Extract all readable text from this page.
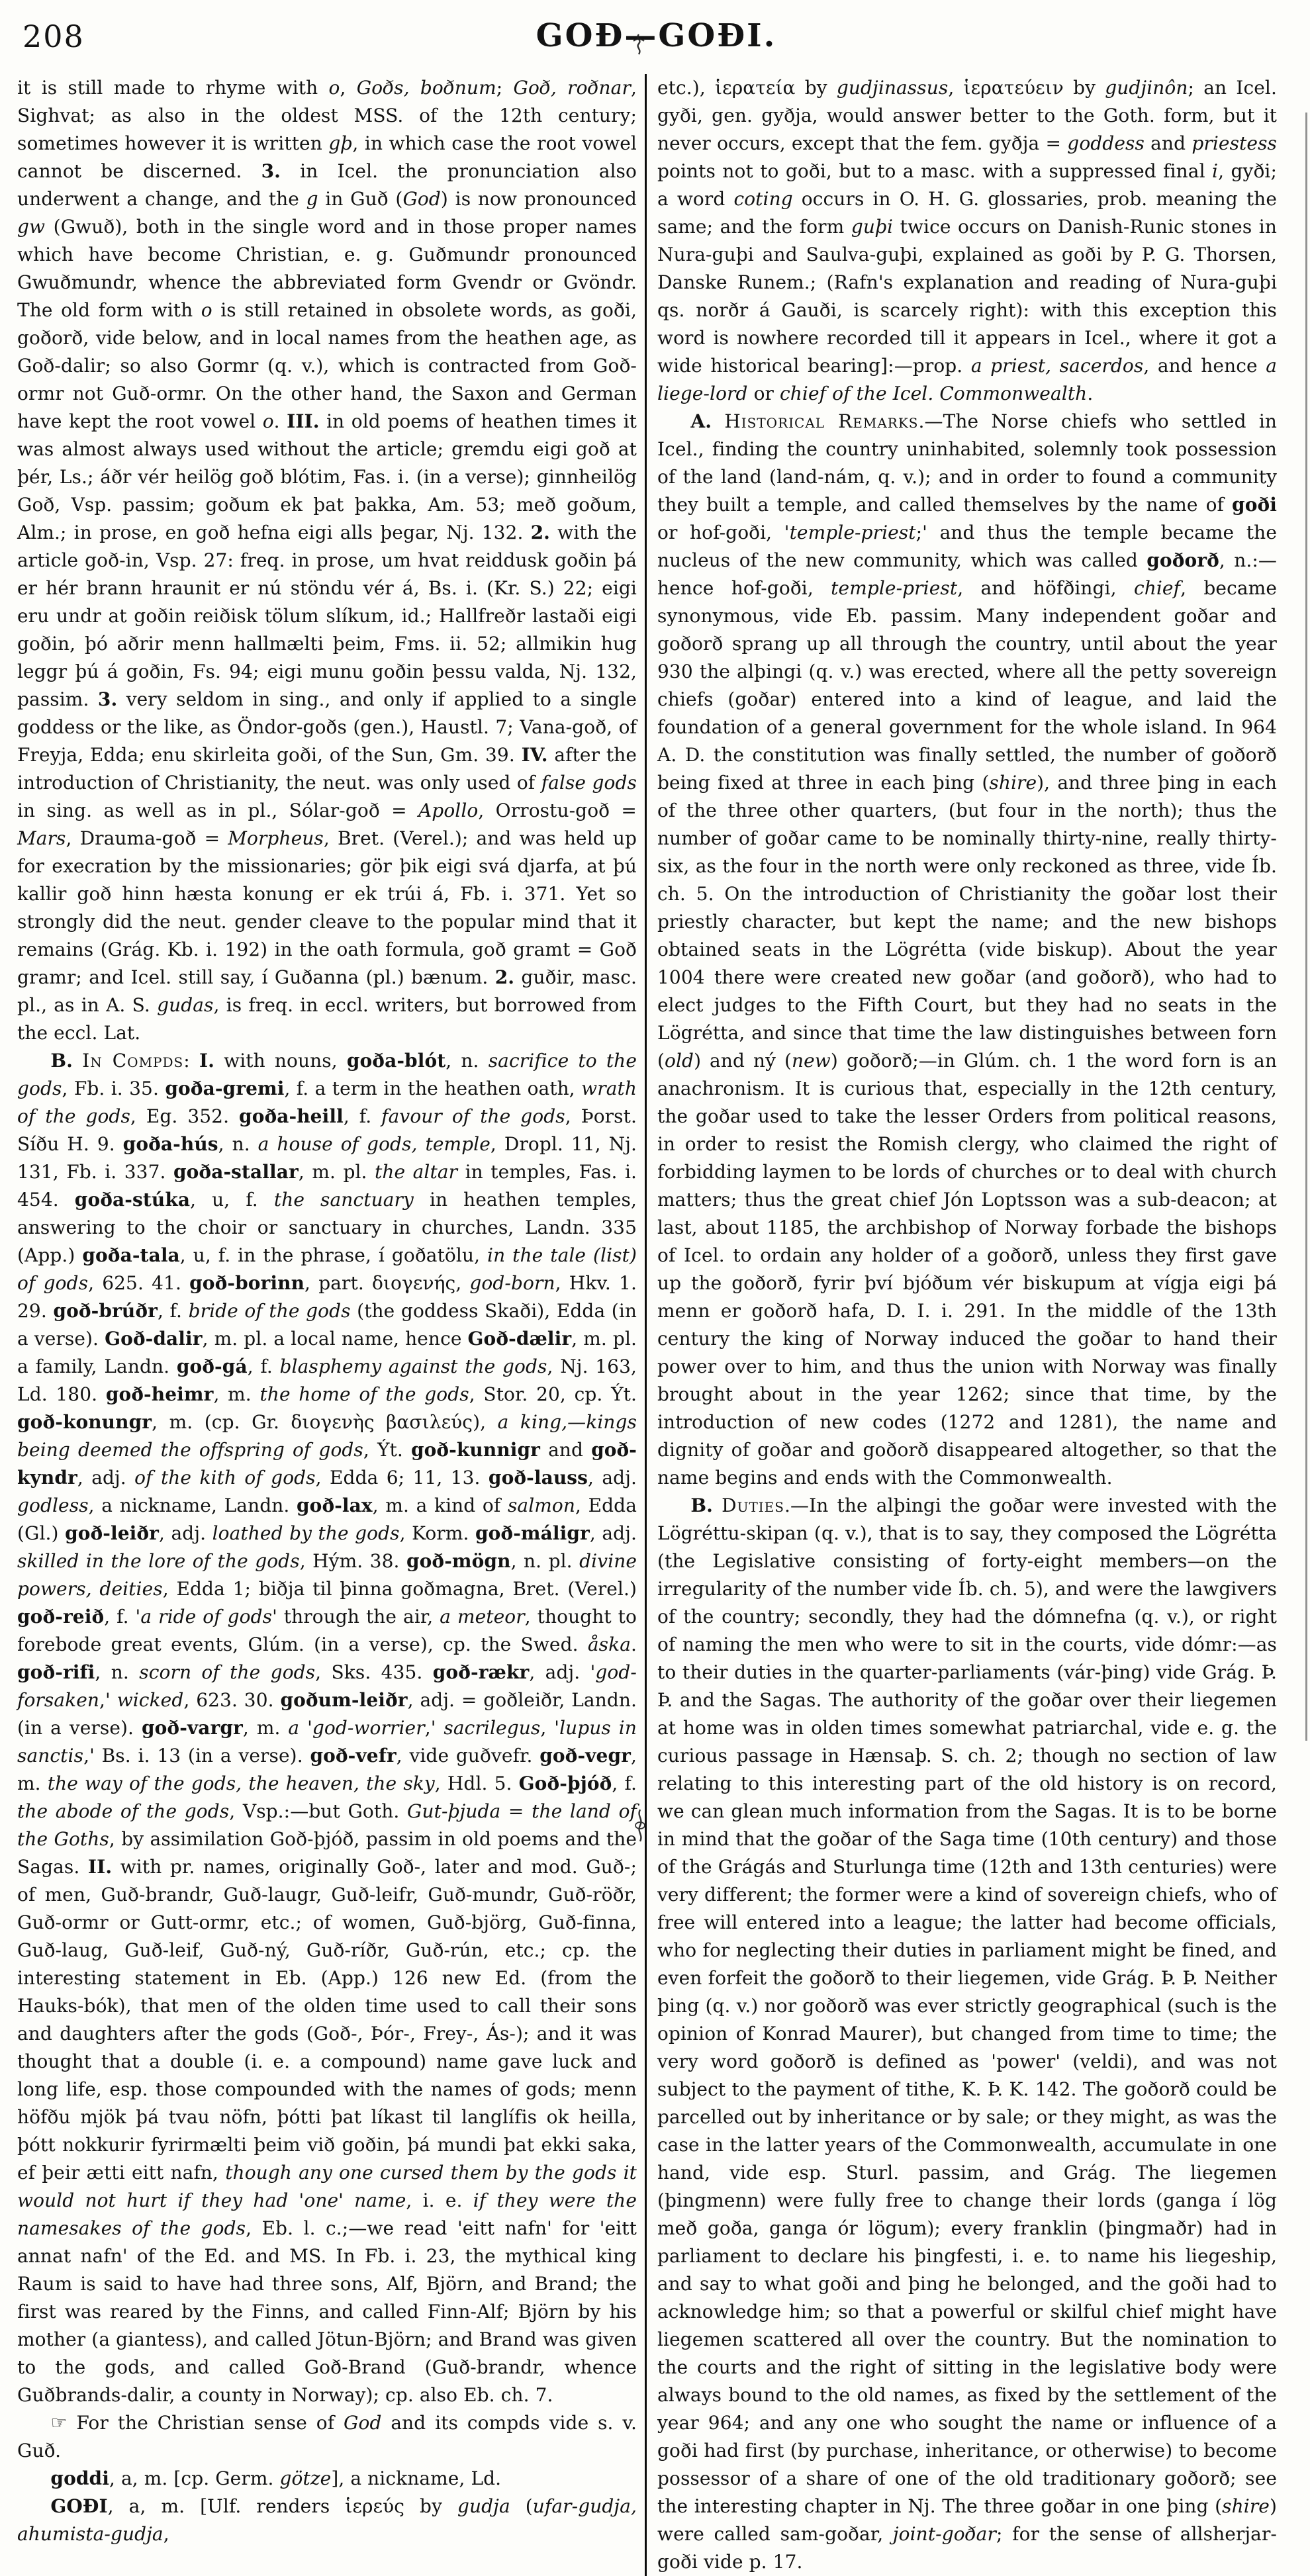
208	GOÐ—GOÐI.

it is still made to rhyme with o, Goðs, boðnum; Goð, roðnar, Sighvat; as also in the oldest MSS. of the 12th century; sometimes however it is written gþ, in which case the root vowel cannot be discerned. 3. in Icel. the pronunciation also underwent a change, and the g in Guð (God) is now pronounced gw (Gwuð), both in the single word and in those proper names which have become Christian, e. g. Guðmundr pronounced Gwuðmundr, whence the abbreviated form Gvendr or Gvöndr. The old form with o is still retained in obsolete words, as goði, goðorð, vide below, and in local names from the heathen age, as Goð-dalir; so also Gormr (q. v.), which is contracted from Goð-ormr not Guð-ormr. On the other hand, the Saxon and German have kept the root vowel o. III. in old poems of heathen times it was almost always used without the article; gremdu eigi goð at þér, Ls.; áðr vér heilög goð blótim, Fas. i. (in a verse); ginnheilög Goð, Vsp. passim; goðum ek þat þakka, Am. 53; með goðum, Alm.; in prose, en goð hefna eigi alls þegar, Nj. 132. 2. with the article goð-in, Vsp. 27: freq. in prose, um hvat reiddusk goðin þá er hér brann hraunit er nú stöndu vér á, Bs. i. (Kr. S.) 22; eigi eru undr at goðin reiðisk tölum slíkum, id.; Hallfreðr lastaði eigi goðin, þó aðrir menn hallmælti þeim, Fms. ii. 52; allmikin hug leggr þú á goðin, Fs. 94; eigi munu goðin þessu valda, Nj. 132, passim. 3. very seldom in sing., and only if applied to a single goddess or the like, as Öndor-goðs (gen.), Haustl. 7; Vana-goð, of Freyja, Edda; enu skirleita goði, of the Sun, Gm. 39. IV. after the introduction of Christianity, the neut. was only used of false gods in sing. as well as in pl., Sólar-goð = Apollo, Orrostu-goð = Mars, Drauma-goð = Morpheus, Bret. (Verel.); and was held up for execration by the missionaries; gör þik eigi svá djarfa, at þú kallir goð hinn hæsta konung er ek trúi á, Fb. i. 371. Yet so strongly did the neut. gender cleave to the popular mind that it remains (Grág. Kb. i. 192) in the oath formula, goð gramt = Goð gramr; and Icel. still say, í Guðanna (pl.) bænum. 2. guðir, masc. pl., as in A. S. gudas, is freq. in eccl. writers, but borrowed from the eccl. Lat.

B. In Compds: I. with nouns, goða-blót, n. sacrifice to the gods, Fb. i. 35. goða-gremi, f. a term in the heathen oath, wrath of the gods, Eg. 352. goða-heill, f. favour of the gods, Þorst. Síðu H. 9. goða-hús, n. a house of gods, temple, Dropl. 11, Nj. 131, Fb. i. 337. goða-stallar, m. pl. the altar in temples, Fas. i. 454. goða-stúka, u, f. the sanctuary in heathen temples, answering to the choir or sanctuary in churches, Landn. 335 (App.) goða-tala, u, f. in the phrase, í goðatölu, in the tale (list) of gods, 625. 41. goð-borinn, part. διογενής, god-born, Hkv. 1. 29. goð-brúðr, f. bride of the gods (the goddess Skaði), Edda (in a verse). Goð-dalir, m. pl. a local name, hence Goð-dælir, m. pl. a family, Landn. goð-gá, f. blasphemy against the gods, Nj. 163, Ld. 180. goð-heimr, m. the home of the gods, Stor. 20, cp. Ýt. goð-konungr, m. (cp. Gr. διογενὴς βασιλεύς), a king,—kings being deemed the offspring of gods, Ýt. goð-kunnigr and goð-kyndr, adj. of the kith of gods, Edda 6; 11, 13. goð-lauss, adj. godless, a nickname, Landn. goð-lax, m. a kind of salmon, Edda (Gl.) goð-leiðr, adj. loathed by the gods, Korm. goð-máligr, adj. skilled in the lore of the gods, Hým. 38. goð-mögn, n. pl. divine powers, deities, Edda 1; biðja til þinna goðmagna, Bret. (Verel.) goð-reið, f. 'a ride of gods' through the air, a meteor, thought to forebode great events, Glúm. (in a verse), cp. the Swed. åska. goð-rifi, n. scorn of the gods, Sks. 435. goð-rækr, adj. 'god-forsaken,' wicked, 623. 30. goðum-leiðr, adj. = goðleiðr, Landn. (in a verse). goð-vargr, m. a 'god-worrier,' sacrilegus, 'lupus in sanctis,' Bs. i. 13 (in a verse). goð-vefr, vide guðvefr. goð-vegr, m. the way of the gods, the heaven, the sky, Hdl. 5. Goð-þjóð, f. the abode of the gods, Vsp.:—but Goth. Gut-þjuda = the land of the Goths, by assimilation Goð-þjóð, passim in old poems and the Sagas. II. with pr. names, originally Goð-, later and mod. Guð-; of men, Guð-brandr, Guð-laugr, Guð-leifr, Guð-mundr, Guð-röðr, Guð-ormr or Gutt-ormr, etc.; of women, Guð-björg, Guð-finna, Guð-laug, Guð-leif, Guð-ný, Guð-ríðr, Guð-rún, etc.; cp. the interesting statement in Eb. (App.) 126 new Ed. (from the Hauks-bók), that men of the olden time used to call their sons and daughters after the gods (Goð-, Þór-, Frey-, Ás-); and it was thought that a double (i. e. a compound) name gave luck and long life, esp. those compounded with the names of gods; menn höfðu mjök þá tvau nöfn, þótti þat líkast til langlífis ok heilla, þótt nokkurir fyrirmælti þeim við goðin, þá mundi þat ekki saka, ef þeir ætti eitt nafn, though any one cursed them by the gods it would not hurt if they had 'one' name, i. e. if they were the namesakes of the gods, Eb. l. c.;—we read 'eitt nafn' for 'eitt annat nafn' of the Ed. and MS. In Fb. i. 23, the mythical king Raum is said to have had three sons, Alf, Björn, and Brand; the first was reared by the Finns, and called Finn-Alf; Björn by his mother (a giantess), and called Jötun-Björn; and Brand was given to the gods, and called Goð-Brand (Guð-brandr, whence Guðbrands-dalir, a county in Norway); cp. also Eb. ch. 7.

☞ For the Christian sense of God and its compds vide s. v. Guð.

goddi, a, m. [cp. Germ. götze], a nickname, Ld.

GOÐI, a, m. [Ulf. renders ἱερεύς by gudja (ufar-gudja, ahumista-gudja,

etc.), ἱερατεία by gudjinassus, ἱερατεύειν by gudjinôn; an Icel. gyði, gen. gyðja, would answer better to the Goth. form, but it never occurs, except that the fem. gyðja = goddess and priestess points not to goði, but to a masc. with a suppressed final i, gyði; a word coting occurs in O. H. G. glossaries, prob. meaning the same; and the form guþi twice occurs on Danish-Runic stones in Nura-guþi and Saulva-guþi, explained as goði by P. G. Thorsen, Danske Runem.; (Rafn's explanation and reading of Nura-guþi qs. norðr á Gauði, is scarcely right): with this exception this word is nowhere recorded till it appears in Icel., where it got a wide historical bearing]:—prop. a priest, sacerdos, and hence a liege-lord or chief of the Icel. Commonwealth.

A. Historical Remarks.—The Norse chiefs who settled in Icel., finding the country uninhabited, solemnly took possession of the land (land-nám, q. v.); and in order to found a community they built a temple, and called themselves by the name of goði or hof-goði, 'temple-priest;' and thus the temple became the nucleus of the new community, which was called goðorð, n.:—hence hof-goði, temple-priest, and höfðingi, chief, became synonymous, vide Eb. passim. Many independent goðar and goðorð sprang up all through the country, until about the year 930 the alþingi (q. v.) was erected, where all the petty sovereign chiefs (goðar) entered into a kind of league, and laid the foundation of a general government for the whole island. In 964 A. D. the constitution was finally settled, the number of goðorð being fixed at three in each þing (shire), and three þing in each of the three other quarters, (but four in the north); thus the number of goðar came to be nominally thirty-nine, really thirty-six, as the four in the north were only reckoned as three, vide Íb. ch. 5. On the introduction of Christianity the goðar lost their priestly character, but kept the name; and the new bishops obtained seats in the Lögrétta (vide biskup). About the year 1004 there were created new goðar (and goðorð), who had to elect judges to the Fifth Court, but they had no seats in the Lögrétta, and since that time the law distinguishes between forn (old) and ný (new) goðorð;—in Glúm. ch. 1 the word forn is an anachronism. It is curious that, especially in the 12th century, the goðar used to take the lesser Orders from political reasons, in order to resist the Romish clergy, who claimed the right of forbidding laymen to be lords of churches or to deal with church matters; thus the great chief Jón Loptsson was a sub-deacon; at last, about 1185, the archbishop of Norway forbade the bishops of Icel. to ordain any holder of a goðorð, unless they first gave up the goðorð, fyrir því bjóðum vér biskupum at vígja eigi þá menn er goðorð hafa, D. I. i. 291. In the middle of the 13th century the king of Norway induced the goðar to hand their power over to him, and thus the union with Norway was finally brought about in the year 1262; since that time, by the introduction of new codes (1272 and 1281), the name and dignity of goðar and goðorð disappeared altogether, so that the name begins and ends with the Commonwealth.

B. Duties.—In the alþingi the goðar were invested with the Lögréttu-skipan (q. v.), that is to say, they composed the Lögrétta (the Legislative consisting of forty-eight members—on the irregularity of the number vide Íb. ch. 5), and were the lawgivers of the country; secondly, they had the dómnefna (q. v.), or right of naming the men who were to sit in the courts, vide dómr:—as to their duties in the quarter-parliaments (vár-þing) vide Grág. Þ. Þ. and the Sagas. The authority of the goðar over their liegemen at home was in olden times somewhat patriarchal, vide e. g. the curious passage in Hænsaþ. S. ch. 2; though no section of law relating to this interesting part of the old history is on record, we can glean much information from the Sagas. It is to be borne in mind that the goðar of the Saga time (10th century) and those of the Grágás and Sturlunga time (12th and 13th centuries) were very different; the former were a kind of sovereign chiefs, who of free will entered into a league; the latter had become officials, who for neglecting their duties in parliament might be fined, and even forfeit the goðorð to their liegemen, vide Grág. Þ. Þ. Neither þing (q. v.) nor goðorð was ever strictly geographical (such is the opinion of Konrad Maurer), but changed from time to time; the very word goðorð is defined as 'power' (veldi), and was not subject to the payment of tithe, K. Þ. K. 142. The goðorð could be parcelled out by inheritance or by sale; or they might, as was the case in the latter years of the Commonwealth, accumulate in one hand, vide esp. Sturl. passim, and Grág. The liegemen (þingmenn) were fully free to change their lords (ganga í lög með goða, ganga ór lögum); every franklin (þingmaðr) had in parliament to declare his þingfesti, i. e. to name his liegeship, and say to what goði and þing he belonged, and the goði had to acknowledge him; so that a powerful or skilful chief might have liegemen scattered all over the country. But the nomination to the courts and the right of sitting in the legislative body were always bound to the old names, as fixed by the settlement of the year 964; and any one who sought the name or influence of a goði had first (by purchase, inheritance, or otherwise) to become possessor of a share of one of the old traditionary goðorð; see the interesting chapter in Nj. The three goðar in one þing (shire) were called sam-goðar, joint-goðar; for the sense of allsherjar-goði vide p. 17.
